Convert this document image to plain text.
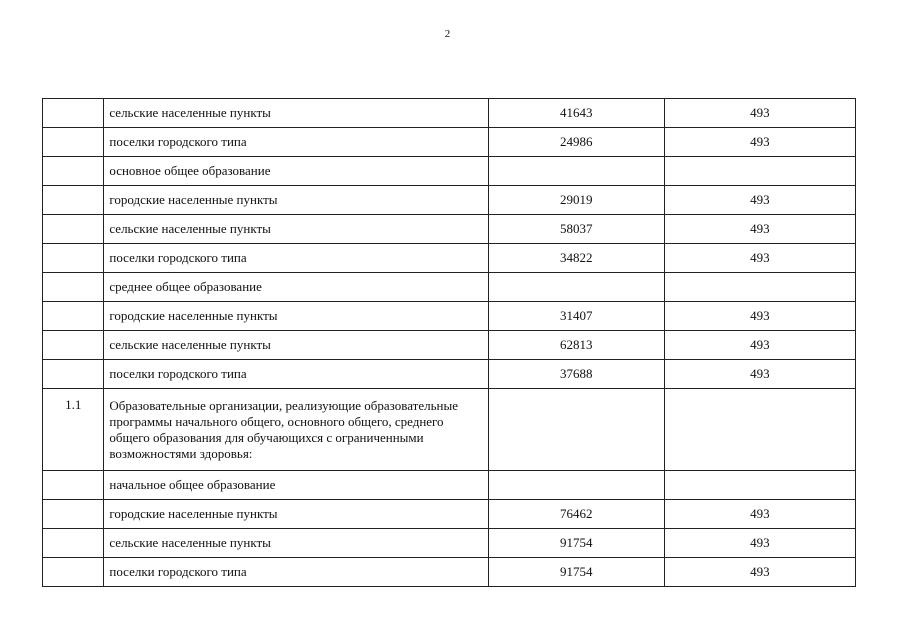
2
	сельские населенные пункты	41643	493
	поселки городского типа	24986	493
	основное общее образование		
	городские населенные пункты	29019	493
	сельские населенные пункты	58037	493
	поселки городского типа	34822	493
	среднее общее образование		
	городские населенные пункты	31407	493
	сельские населенные пункты	62813	493
	поселки городского типа	37688	493
1.1	Образовательные организации, реализующие образовательные программы начального общего, основного общего, среднего общего образования для обучающихся с ограниченными возможностями здоровья:		
	начальное общее образование		
	городские населенные пункты	76462	493
	сельские населенные пункты	91754	493
	поселки городского типа	91754	493
